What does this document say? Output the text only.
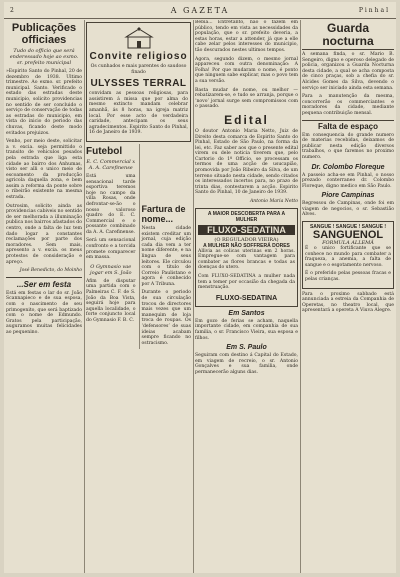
2	A GAZETA	Pinhal
Publicações officiaes
Tudo do officio que será enderessado hoje ao exmo. sr. prefeito municipal

»Espirito Santo do Pinhal, 20 de dezembro de 1938. Ultimo trimestre. Ao exmo. sr. prefeito municipal. Santo. Verificado o estado das estradas deste municipio, solicito providencias no sentido de ser concluido o serviço de conservação de todas as estradas do municipio, em vista do inicio do periodo das chuvas, ficando deste modo evitados prejuizos.

Venho, por meio deste, solicitar a v. excia. seja permittido o transito de vehiculos pesados pela estrada que liga esta cidade ao bairro dos Anhumas, visto ser alli o unico meio de escoamento da producção agricola daquella zona, e bem assim a reforma da ponte sobre o ribeirão existente na mesma estrada.

Outrosim, solicito ainda as providencias cabiveis no sentido de ser melhorada a illuminação publica nos bairros afastados do centro, onde a falta de luz tem dado logar a constantes reclamações por parte dos moradores. Sem mais, apresento a v. excia. os meus protestos de consideração e apreço.

José Benedicto, do Moinho

...Ser em festa

Está em festas o lar do sr. João Scannapieco e de sua esposa, com o nascimento de seu primogenito, que será baptizado com o nome de Edmundo. Gratos pela participação, auguramos muitas felicidades ao pequenino.

Convite religioso

Os cunhados e mais parentes do saudoso finado

ULYSSES TERRAL

convidam as pessoas religiosas, para assistirem á missa que por alma do mesmo extincto mandam celebrar amanhã, ás 8 horas, na igreja matriz local. Por esse acto de verdadeira caridade, antecipam os seus agradecimentos. Espirito Santo do Pinhal, 16 de Janeiro de 1939.

Futebol
E. C. Commercial x A. A. Carefinense

Está uma sensacional tarde esportiva teremos hoje no campo da villa Rosas, onde defrontar-se-ão o nosso valoroso quadro do E. C. Commercial e o possante combinado da A. A. Carefinense.

Será um sensacional confronto e a torcida promete comparecer em massa.

O Gymnasio vae jogar em S. João

Afim de disputar uma partida com o Palmeiras C. F. de S. João da Boa Vista, seguirá hoje para aquella localidade, o forte conjuncto local do Gymnasio F. B. C.

Fartura de nome...

Nesta cidade existem creditar um jornal, cuja edição cada dia vem a ter nome diferente, e na lingua de seus leitores. Ele circulou com o titulo de Correio Paulistano e agora é conhecido por A Tribuna.

Durante o periodo de sua circulação trocou de directores mais vezes que um manequim de loja troca de roupas. Os ‘defensores’ de suas ideias acabam sempre ficando no ostracismo.

Bebia... Entretanto, não o fazem em público, tendo em vista as necessidades da população, que o sr. prefeito deveria, a estas horas, estar a attender, já que a elle cabe zelar pelos interesses do municipio, tão descurados nestes ultimos tempos.

Agora, segundo dizem, o mesmo jornal appareceu com outra denominação: A Folha! Por que mudaram o nome, é ponto que ninguem sabe explicar, mas o povo tem a sua versão.

Basta mudar de nome, ou melhor — rebatizarem-se, e tudo se arranja, porque o ‘novo’ jornal surge sem compromissos com o passado.

Edital

O doutor Antonio Maria Netto, Juiz de Direito desta comarca de Espirito Santo do Pinhal, Estado de São Paulo, na forma da lei, etc. Faz saber aos que o presente edital virem ou dele noticia tiverem que, pelo Cartorio do 1º Officio, se processam os termos de uma acção de usucapião, promovida por João Ribeiro da Silva, de um terreno situado nesta cidade, sendo citados os interessados incertos para, no prazo de trinta dias, contestarem a acção. Espirito Santo do Pinhal, 10 de Janeiro de 1939.

Antonio Maria Netto

A MAIOR DESCOBERTA PARA A MULHER
FLUXO-SEDATINA
(O REGULADOR VIEIRA)
A MULHER NÃO SOFFRERÁ DORES

Allivia as colicas uterinas em 2 horas. Empregue-se com vantagem para combater as flores brancas e todas as doenças do utero.

Com FLUXO-SEDATINA a mulher nada tem a temer por occasião da chegada da menstruação.

FLUXO-SEDATINA
Em Santos

Em gozo de ferias se acham, naquella importante cidade, em companhia de sua familia, o sr. Francisco Vieira, sua esposa e filhos.

Em S. Paulo

Seguiram com destino á Capital do Estado, em viagem de recreio, o sr. Antonio Gonçalves e sua familia, onde permanecerão alguns dias.

Guarda nocturna

A semana finda, o sr. Mario B. Sengeiro, digno e operoso delegado de policia, organizou a Guarda Nocturna desta cidade, a qual se acha composta de cinco praças, sob a chefia do sr. Alcides Gomes da Silva, devendo o serviço ser iniciado ainda esta semana.

Para a manutenção da mesma, concorrerão os commerciantes e moradores da cidade, mediante pequena contribuição mensal.

Falta de espaço

Em consequencia do grande numero de materias recebidas, deixamos de publicar nesta edição diversos trabalhos, o que faremos no proximo numero.

Dr. Colombo Floreque

A passeio acha-se em Pinhal, o nosso prezado conterraneo dr. Colombo Floreque, digno medico em São Paulo.

Piore Campinas

Regressou de Campinas, onde foi em viagem de negocios, o sr. Sebastião Alves.

SANGUE ! SANGUE ! SANGUE !
SANGUENOL
FORMULA ALLEMÃ

É o unico fortificante que se conhece no mundo para combater a fraqueza, a anemia, a falta de sangue e o esgotamento nervoso.

É o preferido pelas pessoas fracas e pelas crianças.

Para o proximo sabbado está annunciada a estreia da Companhia de Operetas, no theatro local, que apresentará a opereta A Viuva Alegre.
